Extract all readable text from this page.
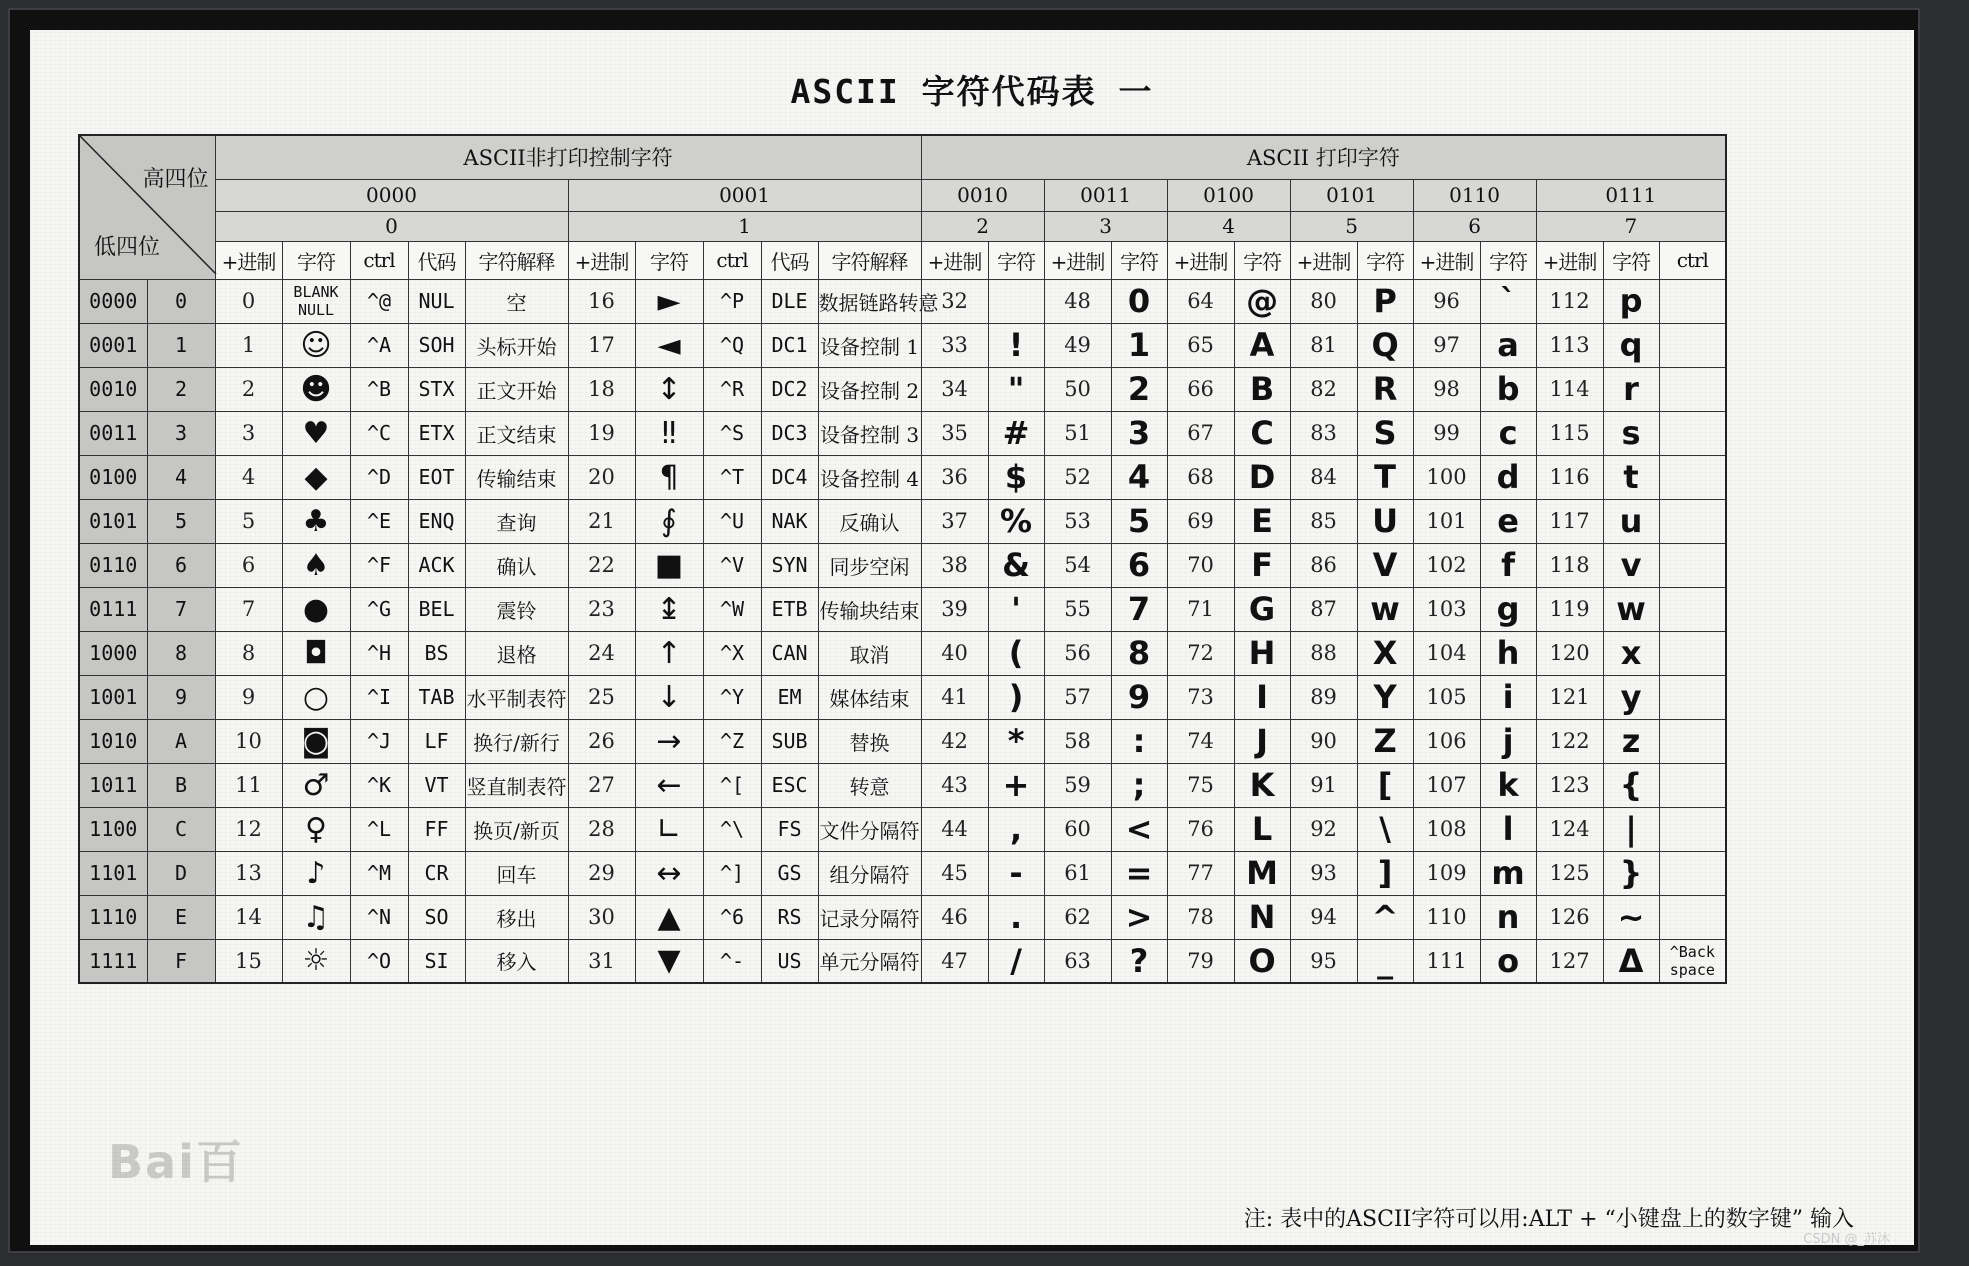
ASCII 字符代码表 一
高四位
低四位		ASCII非打印控制字符										ASCII 打印字符												
		0000					0001					0010		0011		0100		0101		0110		0111		
		0					1					2		3		4		5		6		7		
		+进制	字符	ctrl	代码	字符解释	+进制	字符	ctrl	代码	字符解释	+进制	字符	+进制	字符	+进制	字符	+进制	字符	+进制	字符	+进制	字符	ctrl
0000	0	0	BLANK NULL	^@	NUL	空	16	►	^P	DLE	数据链路转意	32		48	0	64	@	80	P	96	`	112	p	
0001	1	1	☺	^A	SOH	头标开始	17	◄	^Q	DC1	设备控制 1	33	!	49	1	65	A	81	Q	97	a	113	q	
0010	2	2	☻	^B	STX	正文开始	18	↕	^R	DC2	设备控制 2	34	"	50	2	66	B	82	R	98	b	114	r	
0011	3	3	♥	^C	ETX	正文结束	19	‼	^S	DC3	设备控制 3	35	#	51	3	67	C	83	S	99	c	115	s	
0100	4	4	◆	^D	EOT	传输结束	20	¶	^T	DC4	设备控制 4	36	$	52	4	68	D	84	T	100	d	116	t	
0101	5	5	♣	^E	ENQ	查询	21	∮	^U	NAK	反确认	37	%	53	5	69	E	85	U	101	e	117	u	
0110	6	6	♠	^F	ACK	确认	22	■	^V	SYN	同步空闲	38	&	54	6	70	F	86	V	102	f	118	v	
0111	7	7	●	^G	BEL	震铃	23	↨	^W	ETB	传输块结束	39	'	55	7	71	G	87	w	103	g	119	w	
1000	8	8	◘	^H	BS	退格	24	↑	^X	CAN	取消	40	(	56	8	72	H	88	X	104	h	120	x	
1001	9	9	○	^I	TAB	水平制表符	25	↓	^Y	EM	媒体结束	41	)	57	9	73	I	89	Y	105	i	121	y	
1010	A	10	◙	^J	LF	换行/新行	26	→	^Z	SUB	替换	42	*	58	:	74	J	90	Z	106	j	122	z	
1011	B	11	♂	^K	VT	竖直制表符	27	←	^[	ESC	转意	43	+	59	;	75	K	91	[	107	k	123	{	
1100	C	12	♀	^L	FF	换页/新页	28	∟	^\	FS	文件分隔符	44	,	60	<	76	L	92	\	108	l	124	|	
1101	D	13	♪	^M	CR	回车	29	↔	^]	GS	组分隔符	45	-	61	=	77	M	93	]	109	m	125	}	
1110	E	14	♫	^N	SO	移出	30	▲	^6	RS	记录分隔符	46	.	62	>	78	N	94	^	110	n	126	~	
1111	F	15	☼	^O	SI	移入	31	▼	^-	US	单元分隔符	47	/	63	?	79	O	95	_	111	o	127	Δ	^Back space
Bai百
注: 表中的ASCII字符可以用:ALT + “小键盘上的数字键” 输入
CSDN @_苏沐
